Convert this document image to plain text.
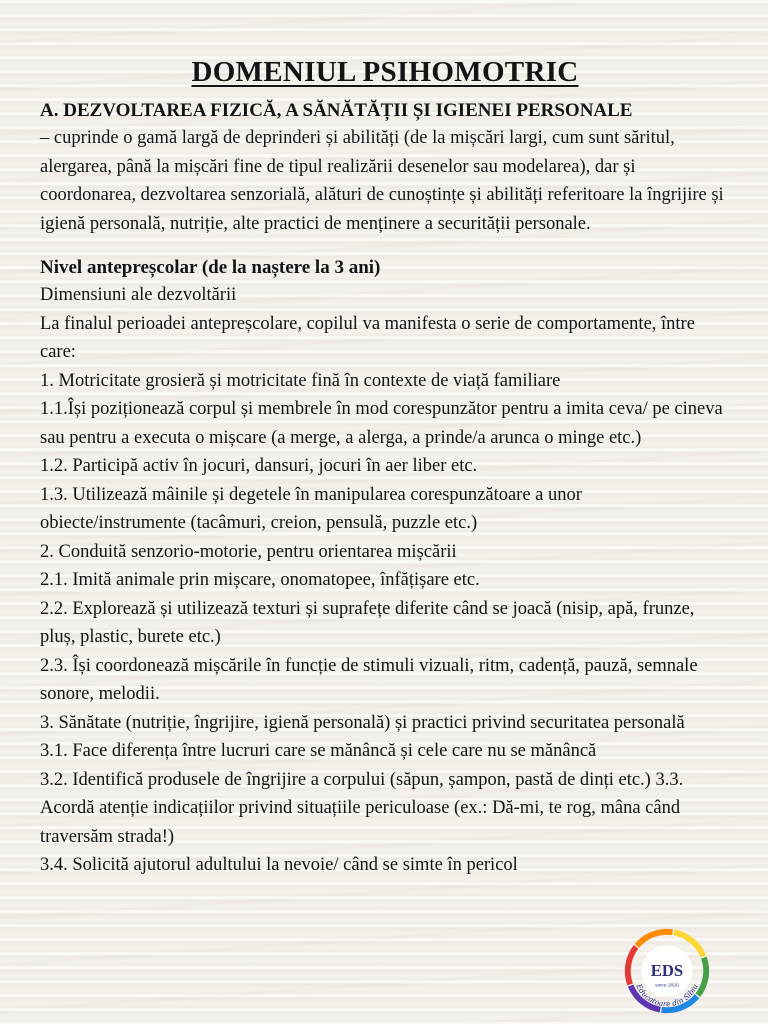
DOMENIUL PSIHOMOTRIC
A. DEZVOLTAREA FIZICĂ, A SĂNĂTĂȚII ȘI IGIENEI PERSONALE
– cuprinde o gamă largă de deprinderi și abilități (de la mișcări largi, cum sunt săritul, alergarea, până la mișcări fine de tipul realizării desenelor sau modelarea), dar și coordonarea, dezvoltarea senzorială, alături de cunoștințe și abilități referitoare la îngrijire și igienă personală, nutriție, alte practici de menținere a securității personale.
Nivel antepreșcolar (de la naștere la 3 ani)
Dimensiuni ale dezvoltării
La finalul perioadei antepreșcolare, copilul va manifesta o serie de comportamente, între care:
1. Motricitate grosieră și motricitate fină în contexte de viață familiare
1.1.Își poziționează corpul și membrele în mod corespunzător pentru a imita ceva/ pe cineva sau pentru a executa o mișcare (a merge, a alerga, a prinde/a arunca o minge etc.)
1.2. Participă activ în jocuri, dansuri, jocuri în aer liber etc.
1.3. Utilizează mâinile și degetele în manipularea corespunzătoare a unor obiecte/instrumente (tacâmuri, creion, pensulă, puzzle etc.)
2. Conduită senzorio-motorie, pentru orientarea mișcării
2.1. Imită animale prin mișcare, onomatopee, înfățișare etc.
2.2. Explorează și utilizează texturi și suprafețe diferite când se joacă (nisip, apă, frunze, pluș, plastic, burete etc.)
2.3. Își coordonează mișcările în funcție de stimuli vizuali, ritm, cadență, pauză, semnale sonore, melodii.
3. Sănătate (nutriție, îngrijire, igienă personală) și practici privind securitatea personală
3.1. Face diferența între lucruri care se mănâncă și cele care nu se mănâncă
3.2. Identifică produsele de îngrijire a corpului (săpun, șampon, pastă de dinți etc.) 3.3. Acordă atenție indicațiilor privind situațiile periculoase (ex.: Dă-mi, te rog, mâna când traversăm strada!)
3.4. Solicită ajutorul adultului la nevoie/ când se simte în pericol
EDS
since 2020
Educatoare din Sibiu
